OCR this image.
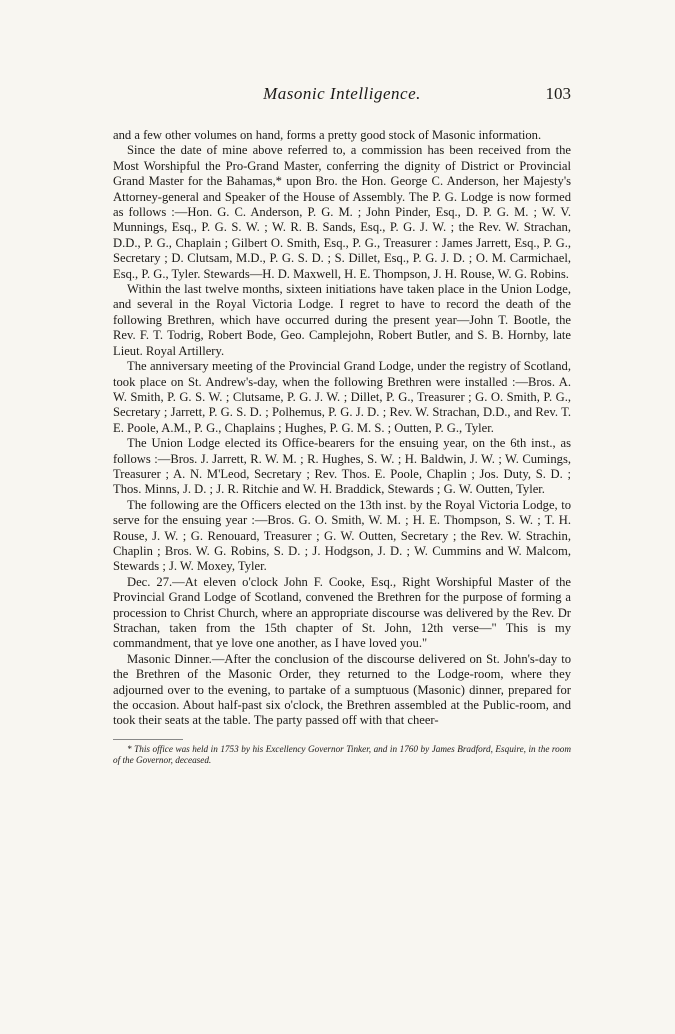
Masonic Intelligence.	103

and a few other volumes on hand, forms a pretty good stock of Masonic information.

Since the date of mine above referred to, a commission has been received from the Most Worshipful the Pro-Grand Master, conferring the dignity of District or Provincial Grand Master for the Bahamas,* upon Bro. the Hon. George C. Anderson, her Majesty's Attorney-general and Speaker of the House of Assembly. The P. G. Lodge is now formed as follows :—Hon. G. C. Anderson, P. G. M. ; John Pinder, Esq., D. P. G. M. ; W. V. Munnings, Esq., P. G. S. W. ; W. R. B. Sands, Esq., P. G. J. W. ; the Rev. W. Strachan, D.D., P. G., Chaplain ; Gilbert O. Smith, Esq., P. G., Treasurer : James Jarrett, Esq., P. G., Secretary ; D. Clutsam, M.D., P. G. S. D. ; S. Dillet, Esq., P. G. J. D. ; O. M. Carmichael, Esq., P. G., Tyler. Stewards—H. D. Maxwell, H. E. Thompson, J. H. Rouse, W. G. Robins.

Within the last twelve months, sixteen initiations have taken place in the Union Lodge, and several in the Royal Victoria Lodge. I regret to have to record the death of the following Brethren, which have occurred during the present year—John T. Bootle, the Rev. F. T. Todrig, Robert Bode, Geo. Camplejohn, Robert Butler, and S. B. Hornby, late Lieut. Royal Artillery.

The anniversary meeting of the Provincial Grand Lodge, under the registry of Scotland, took place on St. Andrew's-day, when the following Brethren were installed :—Bros. A. W. Smith, P. G. S. W. ; Clutsame, P. G. J. W. ; Dillet, P. G., Treasurer ; G. O. Smith, P. G., Secretary ; Jarrett, P. G. S. D. ; Polhemus, P. G. J. D. ; Rev. W. Strachan, D.D., and Rev. T. E. Poole, A.M., P. G., Chaplains ; Hughes, P. G. M. S. ; Outten, P. G., Tyler.

The Union Lodge elected its Office-bearers for the ensuing year, on the 6th inst., as follows :—Bros. J. Jarrett, R. W. M. ; R. Hughes, S. W. ; H. Baldwin, J. W. ; W. Cumings, Treasurer ; A. N. M'Leod, Secretary ; Rev. Thos. E. Poole, Chaplin ; Jos. Duty, S. D. ; Thos. Minns, J. D. ; J. R. Ritchie and W. H. Braddick, Stewards ; G. W. Outten, Tyler.

The following are the Officers elected on the 13th inst. by the Royal Victoria Lodge, to serve for the ensuing year :—Bros. G. O. Smith, W. M. ; H. E. Thompson, S. W. ; T. H. Rouse, J. W. ; G. Renouard, Treasurer ; G. W. Outten, Secretary ; the Rev. W. Strachin, Chaplin ; Bros. W. G. Robins, S. D. ; J. Hodgson, J. D. ; W. Cummins and W. Malcom, Stewards ; J. W. Moxey, Tyler.

Dec. 27.—At eleven o'clock John F. Cooke, Esq., Right Worshipful Master of the Provincial Grand Lodge of Scotland, convened the Brethren for the purpose of forming a procession to Christ Church, where an appropriate discourse was delivered by the Rev. Dr Strachan, taken from the 15th chapter of St. John, 12th verse—" This is my commandment, that ye love one another, as I have loved you."

Masonic Dinner.—After the conclusion of the discourse delivered on St. John's-day to the Brethren of the Masonic Order, they returned to the Lodge-room, where they adjourned over to the evening, to partake of a sumptuous (Masonic) dinner, prepared for the occasion. About half-past six o'clock, the Brethren assembled at the Public-room, and took their seats at the table. The party passed off with that cheer-

* This office was held in 1753 by his Excellency Governor Tinker, and in 1760 by James Bradford, Esquire, in the room of the Governor, deceased.
